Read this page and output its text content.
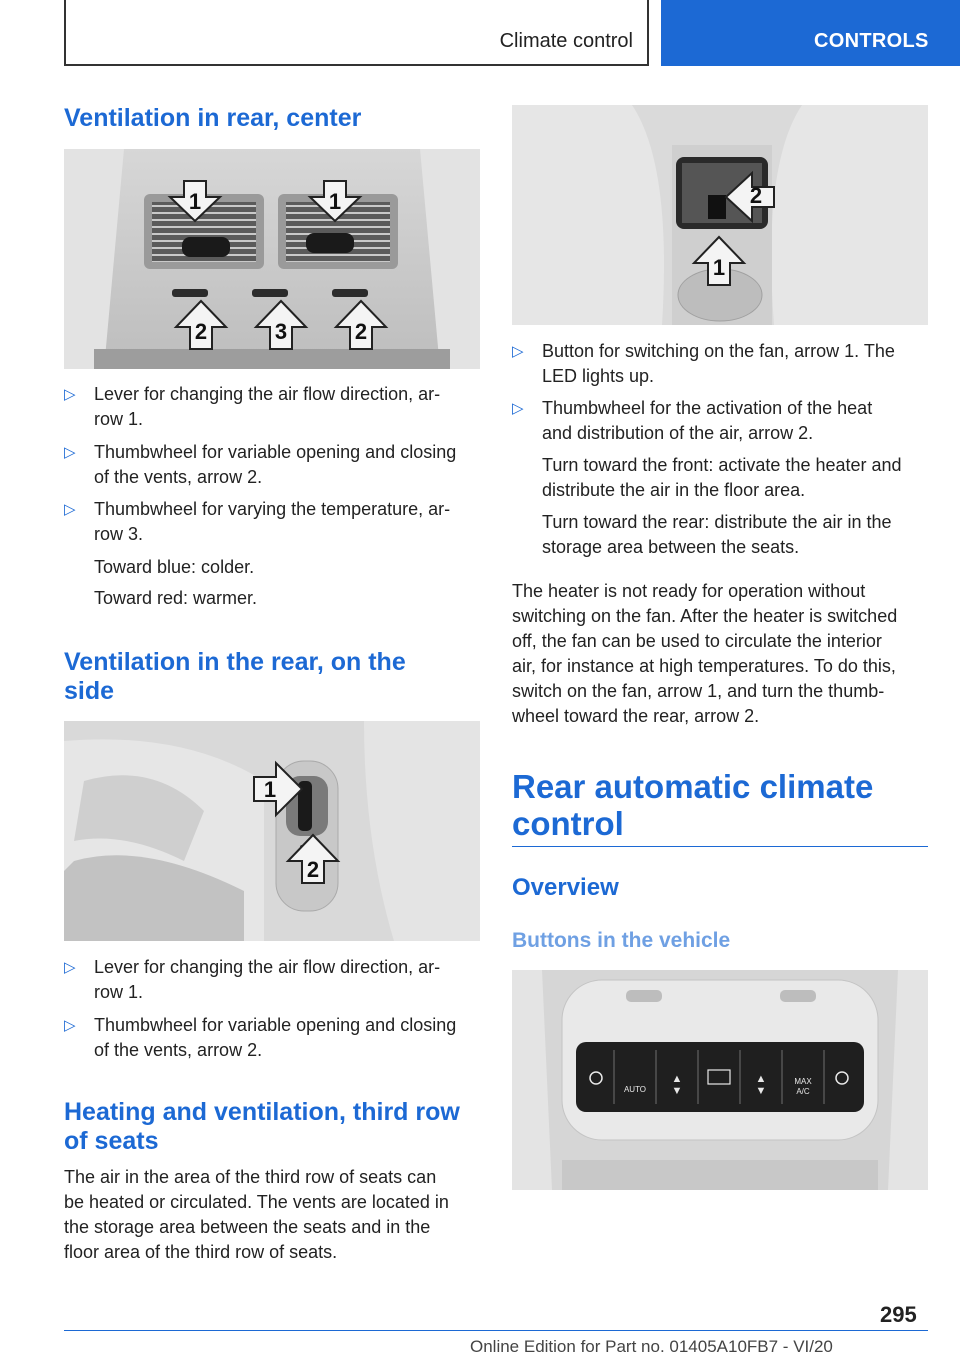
Climate control	CONTROLS
Ventilation in rear, center
1	1
2	3	2
▷ Lever for changing the air flow direction, ar-
row 1.
▷ Thumbwheel for variable opening and closing
of the vents, arrow 2.
▷ Thumbwheel for varying the temperature, ar-
row 3.
Toward blue: colder.
Toward red: warmer.
Ventilation in the rear, on the
side
1
2
▷ Lever for changing the air flow direction, ar-
row 1.
▷ Thumbwheel for variable opening and closing
of the vents, arrow 2.
Heating and ventilation, third row
of seats
The air in the area of the third row of seats can
be heated or circulated. The vents are located in
the storage area between the seats and in the
floor area of the third row of seats.
2
1
▷ Button for switching on the fan, arrow 1. The
LED lights up.
▷ Thumbwheel for the activation of the heat
and distribution of the air, arrow 2.
Turn toward the front: activate the heater and
distribute the air in the floor area.
Turn toward the rear: distribute the air in the
storage area between the seats.
The heater is not ready for operation without
switching on the fan. After the heater is switched
off, the fan can be used to circulate the interior
air, for instance at high temperatures. To do this,
switch on the fan, arrow 1, and turn the thumb-
wheel toward the rear, arrow 2.
Rear automatic climate
control
Overview
Buttons in the vehicle
AUTO
MAX
A/C
▲
▼
▲
▼
295
Online Edition for Part no. 01405A10FB7 - VI/20
